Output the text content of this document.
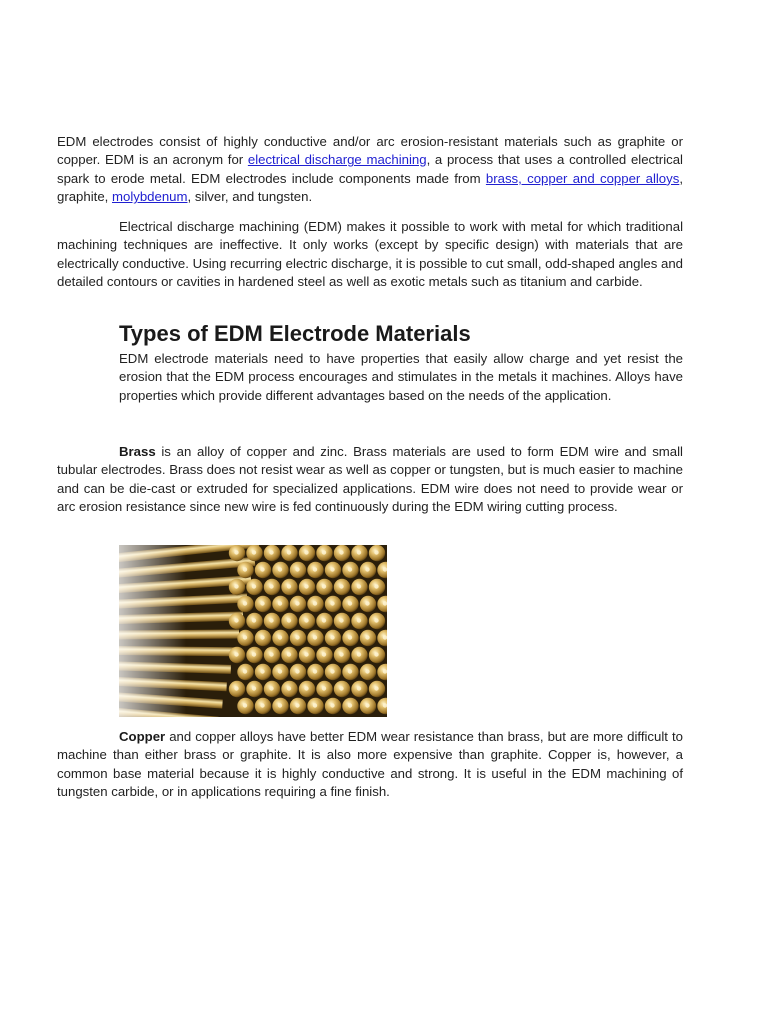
EDM electrodes consist of highly conductive and/or arc erosion-resistant materials such as graphite or copper. EDM is an acronym for electrical discharge machining, a process that uses a controlled electrical spark to erode metal. EDM electrodes include components made from brass, copper and copper alloys, graphite, molybdenum, silver, and tungsten.

Electrical discharge machining (EDM) makes it possible to work with metal for which traditional machining techniques are ineffective. It only works (except by specific design) with materials that are electrically conductive. Using recurring electric discharge, it is possible to cut small, odd-shaped angles and detailed contours or cavities in hardened steel as well as exotic metals such as titanium and carbide.

Types of EDM Electrode Materials

EDM electrode materials need to have properties that easily allow charge and yet resist the erosion that the EDM process encourages and stimulates in the metals it machines. Alloys have properties which provide different advantages based on the needs of the application.

Brass is an alloy of copper and zinc. Brass materials are used to form EDM wire and small tubular electrodes. Brass does not resist wear as well as copper or tungsten, but is much easier to machine and can be die-cast or extruded for specialized applications. EDM wire does not need to provide wear or arc erosion resistance since new wire is fed continuously during the EDM wiring cutting process.

Copper and copper alloys have better EDM wear resistance than brass, but are more difficult to machine than either brass or graphite. It is also more expensive than graphite. Copper is, however, a common base material because it is highly conductive and strong. It is useful in the EDM machining of tungsten carbide, or in applications requiring a fine finish.
